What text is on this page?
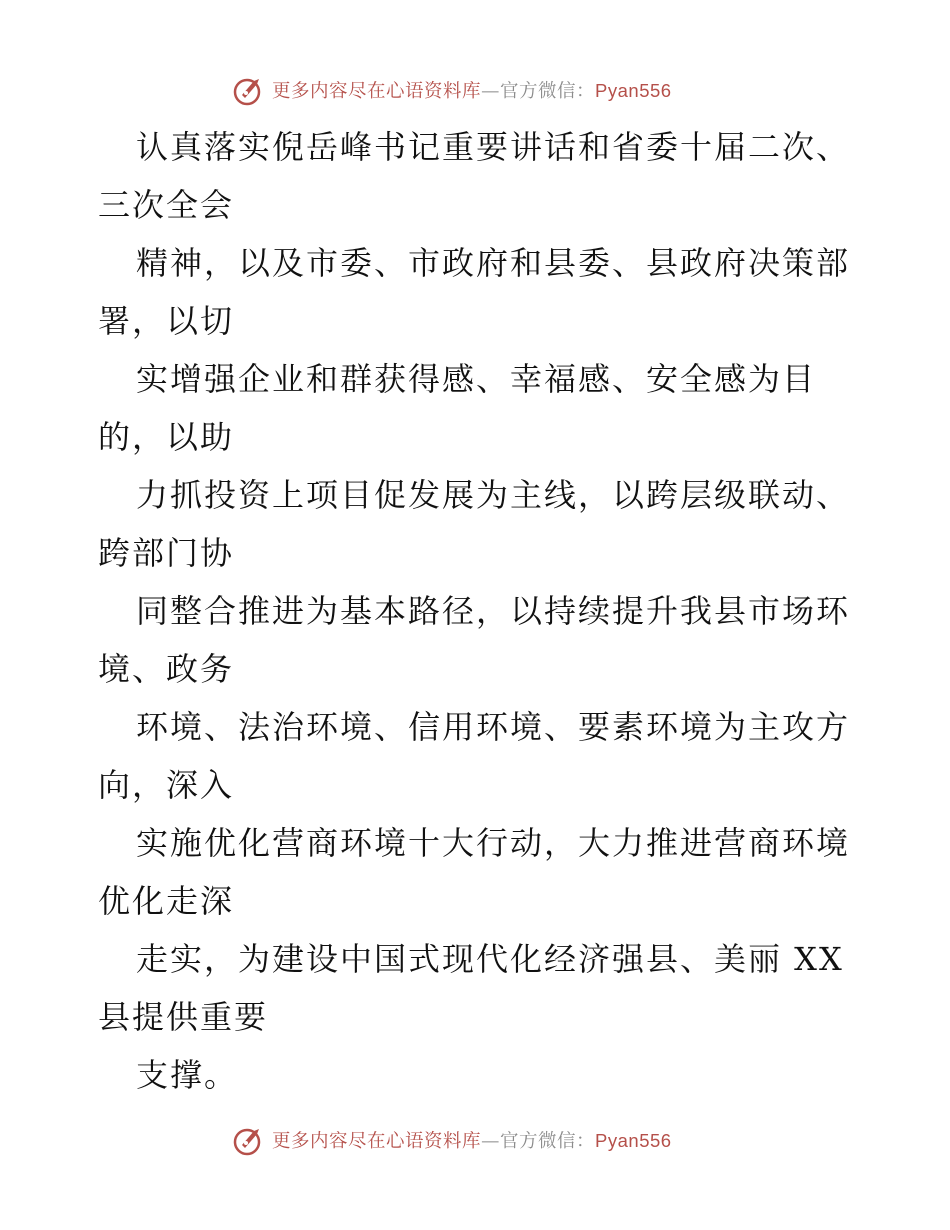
更多内容尽在心语资料库—官方微信：Pyan556

认真落实倪岳峰书记重要讲话和省委十届二次、

三次全会

精神，以及市委、市政府和县委、县政府决策部

署，以切

实增强企业和群获得感、幸福感、安全感为目

的，以助

力抓投资上项目促发展为主线，以跨层级联动、

跨部门协

同整合推进为基本路径，以持续提升我县市场环

境、政务

环境、法治环境、信用环境、要素环境为主攻方

向，深入

实施优化营商环境十大行动，大力推进营商环境

优化走深

走实，为建设中国式现代化经济强县、美丽 XX

县提供重要

支撑。

更多内容尽在心语资料库—官方微信：Pyan556
